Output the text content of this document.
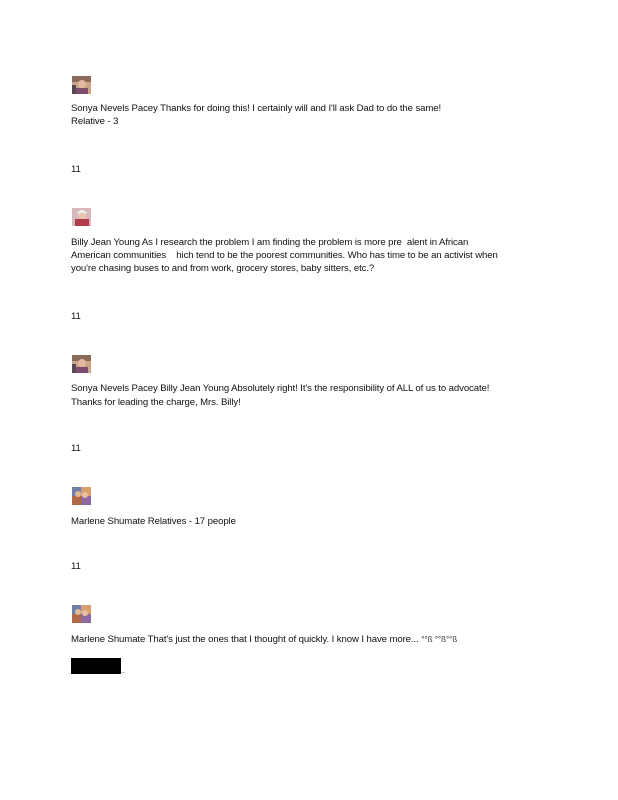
Sonya Nevels Pacey Thanks for doing this! I certainly will and I'll ask Dad to do the same!
Relative - 3
11
Billy Jean Young As I research the problem I am finding the problem is more pre  alent in African
American communities    hich tend to be the poorest communities. Who has time to be an activist when
you're chasing buses to and from work, grocery stores, baby sitters, etc.?
11
Sonya Nevels Pacey Billy Jean Young Absolutely right! It's the responsibility of ALL of us to advocate!
Thanks for leading the charge, Mrs. Billy!
11
Marlene Shumate Relatives - 17 people
11
Marlene Shumate That's just the ones that I thought of quickly. I know I have more... °°ß °°ß°°ß
..
